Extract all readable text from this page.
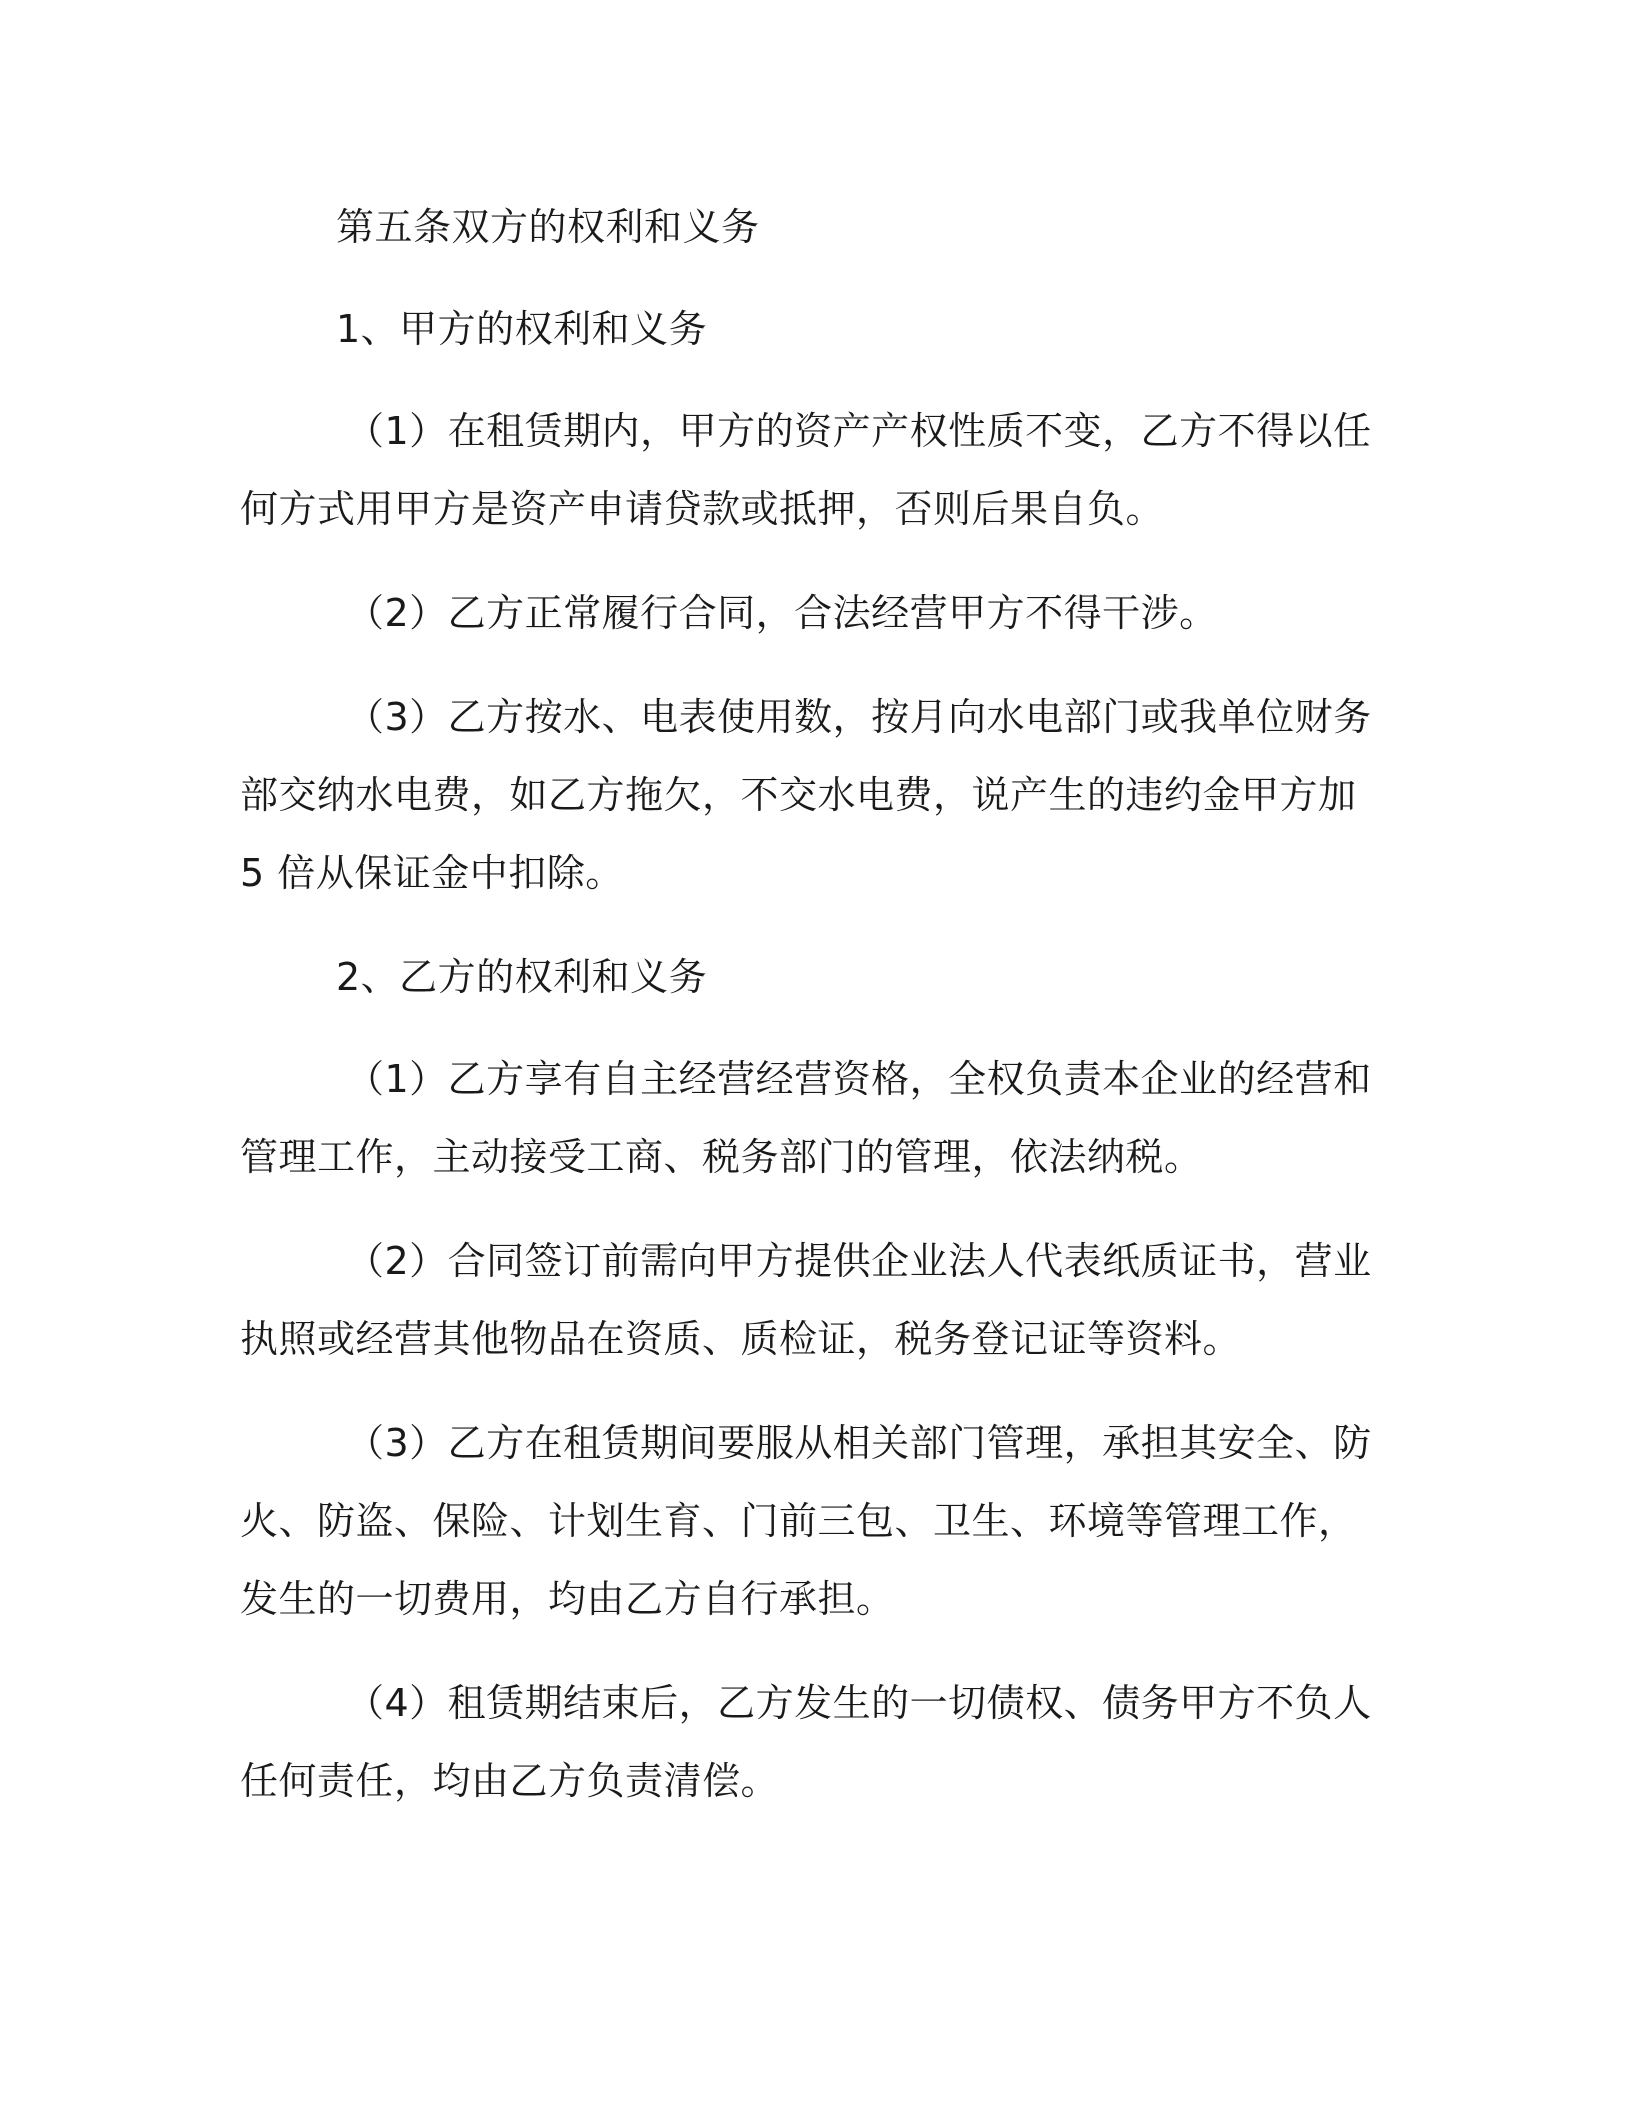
第五条双方的权利和义务

1、甲方的权利和义务

（1）在租赁期内，甲方的资产产权性质不变，乙方不得以任何方式用甲方是资产申请贷款或抵押，否则后果自负。

（2）乙方正常履行合同，合法经营甲方不得干涉。

（3）乙方按水、电表使用数，按月向水电部门或我单位财务部交纳水电费，如乙方拖欠，不交水电费，说产生的违约金甲方加 5 倍从保证金中扣除。

2、乙方的权利和义务

（1）乙方享有自主经营经营资格，全权负责本企业的经营和管理工作，主动接受工商、税务部门的管理，依法纳税。

（2）合同签订前需向甲方提供企业法人代表纸质证书，营业执照或经营其他物品在资质、质检证，税务登记证等资料。

（3）乙方在租赁期间要服从相关部门管理，承担其安全、防火、防盗、保险、计划生育、门前三包、卫生、环境等管理工作，发生的一切费用，均由乙方自行承担。

（4）租赁期结束后，乙方发生的一切债权、债务甲方不负人任何责任，均由乙方负责清偿。
